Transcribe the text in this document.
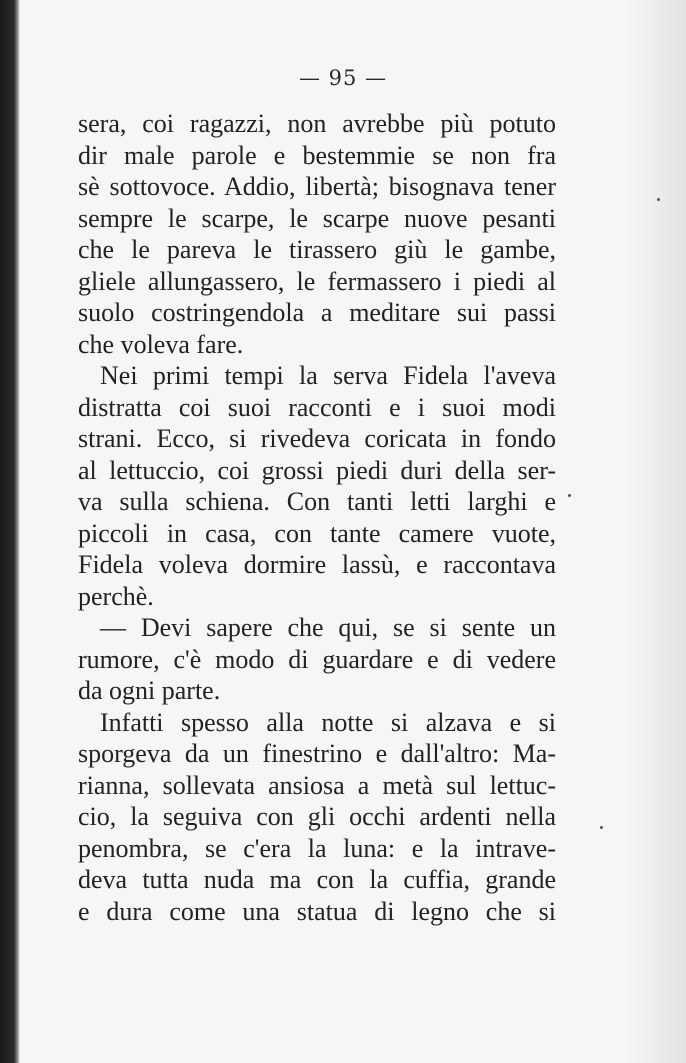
— 95 —
sera, coi ragazzi, non avrebbe più potuto
dir male parole e bestemmie se non fra
sè sottovoce. Addio, libertà; bisognava tener
sempre le scarpe, le scarpe nuove pesanti
che le pareva le tirassero giù le gambe,
gliele allungassero, le fermassero i piedi al
suolo costringendola a meditare sui passi
che voleva fare.
Nei primi tempi la serva Fidela l'aveva
distratta coi suoi racconti e i suoi modi
strani. Ecco, si rivedeva coricata in fondo
al lettuccio, coi grossi piedi duri della ser-
va sulla schiena. Con tanti letti larghi e
piccoli in casa, con tante camere vuote,
Fidela voleva dormire lassù, e raccontava
perchè.
— Devi sapere che qui, se si sente un
rumore, c'è modo di guardare e di vedere
da ogni parte.
Infatti spesso alla notte si alzava e si
sporgeva da un finestrino e dall'altro: Ma-
rianna, sollevata ansiosa a metà sul lettuc-
cio, la seguiva con gli occhi ardenti nella
penombra, se c'era la luna: e la intrave-
deva tutta nuda ma con la cuffia, grande
e dura come una statua di legno che si
